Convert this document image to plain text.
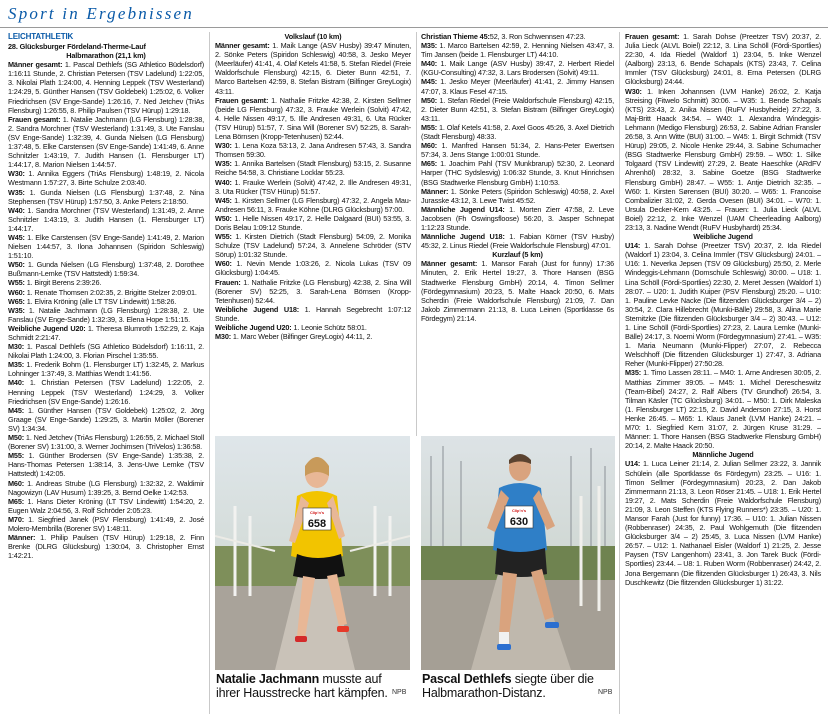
Sport in Ergebnissen

LEICHTATHLETIK

28. Glücksburger Fördeland-Therme-Lauf

Halbmarathon (21,1 km)

Männer gesamt: 1. Pascal Dethlefs (SG Athletico Büdelsdorf) 1:16:11 Stunde, 2. Christian Petersen (TSV Ladelund) 1:22:05, 3. Nikolai Plath 1:24:00, 4. Henning Leppek (TSV Westerland) 1:24:29, 5. Günther Hansen (TSV Goldebek) 1:25:02, 6. Volker Friedrichsen (SV Enge-Sande) 1:26:16, 7. Ned Jetchev (TriAs Flensburg) 1:26:55, 8. Philip Paulsen (TSV Hürup) 1:29:18.

Frauen gesamt: 1. Natalie Jachmann (LG Flensburg) 1:28:38, 2. Sandra Morchner (TSV Westerland) 1:31:49, 3. Ute Fanslau (SV Enge-Sande) 1:32:39, 4. Gunda Nielsen (LG Flensburg) 1:37:48, 5. Elke Carstensen (SV Enge-Sande) 1:41:49, 6. Anne Schnitzler 1:43:19, 7. Judith Hansen (1. Flensburger LT) 1:44:17, 8. Marion Nielsen 1:44:57.

W30: 1. Annika Eggers (TriAs Flensburg) 1:48:19, 2. Nicola Westmann 1:57:27, 3. Birte Schulze 2:03:40.

W35: 1. Gunda Nielsen (LG Flensburg) 1:37:48, 2. Nina Stephensen (TSV Hürup) 1:57:50, 3. Anke Peters 2:18:50.

W40: 1. Sandra Morchner (TSV Westerland) 1:31:49, 2. Anne Schnitzler 1:43:19, 3. Judith Hansen (1. Flensburger LT) 1:44:17.

W45: 1. Elke Carstensen (SV Enge-Sande) 1:41:49, 2. Marion Nielsen 1:44:57, 3. Ilona Johannsen (Spiridon Schleswig) 1:51:10.

W50: 1. Gunda Nielsen (LG Flensburg) 1:37:48, 2. Dorothee Bußmann-Lemke (TSV Hattstedt) 1:59:34.

W55: 1. Birgit Berens 2:39:26.

W60: 1. Renate Thomsen 2:02:35, 2. Brigitte Stelzer 2:09:01.

W65: 1. Elvira Kröning (alle LT TSV Lindewitt) 1:58:26.

W35: 1. Natalie Jachmann (LG Flensburg) 1:28:38, 2. Ute Fanslau (SV Enge-Sande) 1:32:39, 3. Elena Hope 1:51:15.

Weibliche Jugend U20: 1. Theresa Blumroth 1:52:29, 2. Kaja Schmidt 2:21:47.

M30: 1. Pascal Dethlefs (SG Athletico Büdelsdorf) 1:16:11, 2. Nikolai Plath 1:24:00, 3. Florian Pirschel 1:35:55.

M35: 1. Frederik Bohm (1. Flensburger LT) 1:32:45, 2. Markus Lohninger 1:37:49, 3. Matthias Wendt 1:41:56.

M40: 1. Christian Petersen (TSV Ladelund) 1:22:05, 2. Henning Leppek (TSV Westerland) 1:24:29, 3. Volker Friedrichsen (SV Enge-Sande) 1:26:16.

M45: 1. Günther Hansen (TSV Goldebek) 1:25:02, 2. Jörg Graage (SV Enge-Sande) 1:29:25, 3. Martin Möller (Borener SV) 1:34:34.

M50: 1. Ned Jetchev (TriAs Flensburg) 1:26:55, 2. Michael Stoll (Borener SV) 1:31:00, 3. Werner Jochimsen (TriVelos) 1:36:58.

M55: 1. Günther Brodersen (SV Enge-Sande) 1:35:38, 2. Hans-Thomas Petersen 1:38:14, 3. Jens-Uwe Lemke (TSV Hattstedt) 1:42:05.

M60: 1. Andreas Strube (LG Flensburg) 1:32:32, 2. Waldimir Nagowizyn (LAV Husum) 1:39:25, 3. Bernd Oelke 1:42:53.

M65: 1. Hans Dieter Kröning (LT TSV Lindewitt) 1:54:20, 2. Eugen Walz 2:04:56, 3. Rolf Schröder 2:05:23.

M70: 1. Siegfried Janek (PSV Flensburg) 1:41:49, 2. José Molero-Membrilla (Borener SV) 1:48:11.

Männer: 1. Philip Paulsen (TSV Hürup) 1:29:18, 2. Finn Brenke (DLRG Glücksburg) 1:30:04, 3. Christopher Ernst 1:42:21.

Volkslauf (10 km)

Männer gesamt: 1. Maik Lange (ASV Husby) 39:47 Minuten, 2. Sönke Peters (Spiridon Schleswig) 40:58, 3. Jesko Meyer (Meerläufer) 41:41, 4. Olaf Ketels 41:58, 5. Stefan Riedel (Freie Waldorfschule Flensburg) 42:15, 6. Dieter Bunn 42:51, 7. Marco Bartelsen 42:59, 8. Stefan Bistram (Bilfinger GreyLogix) 43:11.

Frauen gesamt: 1. Nathalie Fritzke 42:38, 2. Kirsten Sellmer (beide LG Flensburg) 47:32, 3. Frauke Werlein (Solvit) 47:42, 4. Helle Nissen 49:17, 5. Ille Andresen 49:31, 6. Uta Rücker (TSV Hürup) 51:57, 7. Sina Will (Borener SV) 52:25, 8. Sarah-Lena Börnsen (Kropp-Tetenhusen) 52:44.

W30: 1. Lena Koza 53:13, 2. Jana Andresen 57:43, 3. Sandra Thomsen 59:30.

W35: 1. Annika Bartelsen (Stadt Flensburg) 53:15, 2. Susanne Reiche 54:58, 3. Christiane Locklar 55:23.

W40: 1. Frauke Werlein (Solvit) 47:42, 2. Ille Andresen 49:31, 3. Uta Rücker (TSV Hürup) 51:57.

W45: 1. Kirsten Sellmer (LG Flensburg) 47:32, 2. Angela Mau-Andresen 56:11, 3. Frauke Köhne (DLRG Glücksburg) 57:00.

W50: 1. Helle Nissen 49:17, 2. Helle Dalgaard (BUI) 53:55, 3. Doris Belau 1:09:12 Stunde.

W55: 1. Kirsten Dietrich (Stadt Flensburg) 54:09, 2. Monika Schulze (TSV Ladelund) 57:24, 3. Annelene Schröder (STV Sörup) 1:01:32 Stunde.

W60: 1. Nevin Mende 1:03:26, 2. Nicola Lukas (TSV 09 Glücksburg) 1:04:45.

Frauen: 1. Nathalie Fritzke (LG Flensburg) 42:38, 2. Sina Will (Borener SV) 52:25, 3. Sarah-Lena Börnsen (Kropp-Tetenhusen) 52:44.

Weibliche Jugend U18: 1. Hannah Segebrecht 1:07:12 Stunde.

Weibliche Jugend U20: 1. Leonie Schütz 58:01.

M30: 1. Marc Weber (Bilfinger GreyLogix) 44:11, 2.

Christian Thieme 45:52, 3. Ron Schwennsen 47:23.

M35: 1. Marco Bartelsen 42:59, 2. Henning Nielsen 43:47, 3. Tim Jansen (beide 1. Flensburger LT) 44:10.

M40: 1. Maik Lange (ASV Husby) 39:47, 2. Herbert Riedel (KGU-Consulting) 47:32, 3. Lars Brodersen (Solvit) 49:11.

M45: 1. Jesko Meyer (Meerläufer) 41:41, 2. Jimmy Hansen 47:07, 3. Klaus Fesel 47:15.

M50: 1. Stefan Riedel (Freie Waldorfschule Flensburg) 42:15, 2. Dieter Bunn 42:51, 3. Stefan Bistram (Bilfinger GreyLogix) 43:11.

M55: 1. Olaf Ketels 41:58, 2. Axel Goos 45:26, 3. Axel Dietrich (Stadt Flensburg) 48:33.

M60: 1. Manfred Hansen 51:34, 2. Hans-Peter Ewertsen 57:34, 3. Jens Stange 1:00:01 Stunde.

M65: 1. Joachim Pahl (TSV Munkbrarup) 52:30, 2. Leonard Harper (THC Sydslesvig) 1:06:32 Stunde, 3. Knut Hinrichsen (BSG Stadtwerke Flensburg GmbH) 1:10:53.

Männer: 1. Sönke Peters (Spiridon Schleswig) 40:58, 2. Axel Jurasske 43:12, 3. Lewe Twist 45:52.

Männliche Jugend U14: 1. Morten Zierr 47:58, 2. Leve Jacobsen (Fh Oswingsfloose) 56:20, 3. Jasper Schnepat 1:12:23 Stunde.

Männliche Jugend U18: 1. Fabian Körner (TSV Husby) 45:32, 2. Linus Riedel (Freie Waldorfschule Flensburg) 47:01.

Kurzlauf (5 km)

Männer gesamt: 1. Mansor Farah (Just for funny) 17:36 Minuten, 2. Erik Hertel 19:27, 3. Thore Hansen (BSG Stadtwerke Flensburg GmbH) 20:14, 4. Timon Sellmer (Fördegymnasium) 20:23, 5. Malte Haack 20:50, 6. Mats Scherdin (Freie Waldorfschule Flensburg) 21:09, 7. Dan Jakob Zimmermann 21:13, 8. Luca Leinen (Sportklasse 6s Fördegym) 21:14.

Frauen gesamt: 1. Sarah Dohse (Preetzer TSV) 20:37, 2. Julia Lieck (ALVL Boiel) 22:12, 3. Lina Schöll (Fördi-Sportlies) 22:30, 4. Ida Riedel (Waldorf 1) 23:04, 5. Inke Wenzel (Aalborg) 23:13, 6. Bende Schapals (KTS) 23:43, 7. Celina Immler (TSV Glücksburg) 24:01, 8. Erna Petersen (DLRG Glücksburg) 24:44.

W30: 1. Inken Johannsen (LVM Hanke) 26:02, 2. Katja Streising (Fitwelo Schmitt) 30:06. – W35: 1. Bende Schapals (KTS) 23:43, 2. Anika Nissen (RuFV Husbyheide) 27:22, 3. Maj-Britt Haack 34:54. – W40: 1. Alexandra Windeggis-Lehmann (Medigo Flensburg) 26:53, 2. Sabine Adrian Fransler 26:58, 3. Ann Witte (BUI) 31:00. – W45: 1. Birgit Schmidt (TSV Hürup) 29:05, 2. Nicole Henke 29:44, 3. Sabine Schumacher (BSG Stadtwerke Flensburg GmbH) 29:59. – W50: 1. Silke Tolgaard (TSV Lindewitt) 27:29, 2. Beate Haeschke (ARdFV Ahrenhöl) 28:32, 3. Sabine Goetze (BSG Stadtwerke Flensburg GmbH) 28:47. – W55: 1. Antje Dietrich 32:35. – W60: 1. Kirsten Sørensen (BUI) 30:20. – W65: 1. Francoise Combalizier 31:02, 2. Gerda Ovesen (BUI) 34:01. – W70: 1. Ursula Decker-Kern 43:25. – Frauen: 1. Julia Lieck (ALVL Boiel) 22:12, 2. Inke Wenzel (UAM Cheerleading Aalborg) 23:13, 3. Nadine Wendt (RuFV Husbyhardt) 25:34.

Weibliche Jugend

U14: 1. Sarah Dohse (Preetzer TSV) 20:37, 2. Ida Riedel (Waldorf 1) 23:04, 3. Celina Immler (TSV Glücksburg) 24:01. – U16: 1. Neverka Jepsen (TSV 09 Glücksburg) 25:50, 2. Merle Windeggis-Lehmann (Domschule Schleswig) 30:00. – U18: 1. Lina Schöll (Fördi-Sportlies) 22:30, 2. Meret Jessen (Waldorf 1) 28:07. – U20: 1. Judith Kuiper (PSV Flensburg) 25:20. – U10: 1. Pauline Levke Nacke (Die flitzenden Glücksburger 3/4 – 2) 30:54, 2. Clara Hillebrecht (Munki-Bälle) 29:58, 3. Alina Marie Sternitzke (Die flitzenden Glücksburger 3/4 – 2) 30:43. – U12: 1. Line Schöll (Fördi-Sportlies) 27:23, 2. Laura Lemke (Munki-Bälle) 24:17, 3. Noemi Worm (Fördegymnasium) 27:41. – W35: 1. Maria Neumann (Munki-Flipper) 27:07, 2. Rebecca Welschhoff (Die flitzenden Glücksburger 1) 27:47, 3. Adriana Reher (Munki-Flipper) 27:50:28.

M35: 1. Timo Lassen 28:11. – M40: 1. Arne Andresen 30:05, 2. Matthias Zimmer 39:05. – M45: 1. Michel Derescheswitz (Team-Bibel) 24:27, 2. Ralf Albers (TV Grundhof) 26:54, 3. Tilman Käsler (TC Glücksburg) 34:01. – M50: 1. Dirk Maleska (1. Flensburger LT) 22:15, 2. David Anderson 27:15, 3. Horst Henke 26:45. – M65: 1. Klaus Janelt (LVM Hanke) 24:21. – M70: 1. Siegfried Kern 31:07, 2. Jürgen Kruse 31:29. – Männer: 1. Thore Hansen (BSG Stadtwerke Flensburg GmbH) 20:14, 2. Malte Haack 20:50.

Männliche Jugend

U14: 1. Luca Leiner 21:14, 2. Julian Sellmer 23:22, 3. Jannik Schülein (alle Sportklasse 6s Fördegym) 23:25. – U16: 1. Timon Sellmer (Fördegymnasium) 20:23, 2. Dan Jakob Zimmermann 21:13, 3. Leon Röser 21:45. – U18: 1. Erik Hertel 19:27, 2. Mats Scherdin (Freie Waldorfschule Flensburg) 21:09, 3. Leon Steffen (KTS Flying Runners*) 23:35. – U20: 1. Mansor Farah (Just for funny) 17:36. – U10: 1. Julian Nissen (Robbenraser) 24:35, 2. Paul Wohlgemuth (Die flitzenden Glücksburger 3/4 – 2) 25:45, 3. Luca Nissen (LVM Hanke) 26:57. – U12: 1. Nathanael Eisler (Waldorf 1) 21:25, 2. Jesse Paysen (TSV Langenhorn) 23:41, 3. Jon Tarek Buck (Fördi-Sportlies) 23:44. – U8: 1. Ruben Worm (Robbenraser) 24:42, 2. Jona Bergemann (Die flitzenden Glücksburger 1) 26:43, 3. Nils Duschkewitz (Die flitzenden Glücksburger 1) 31:22.

Clip'n's
658
Natalie Jachmann musste auf ihrer Hausstrecke hart kämpfen. NPB
Clip'n's
630
Pascal Dethlefs siegte über die Halbmarathon-Distanz.	NPB
